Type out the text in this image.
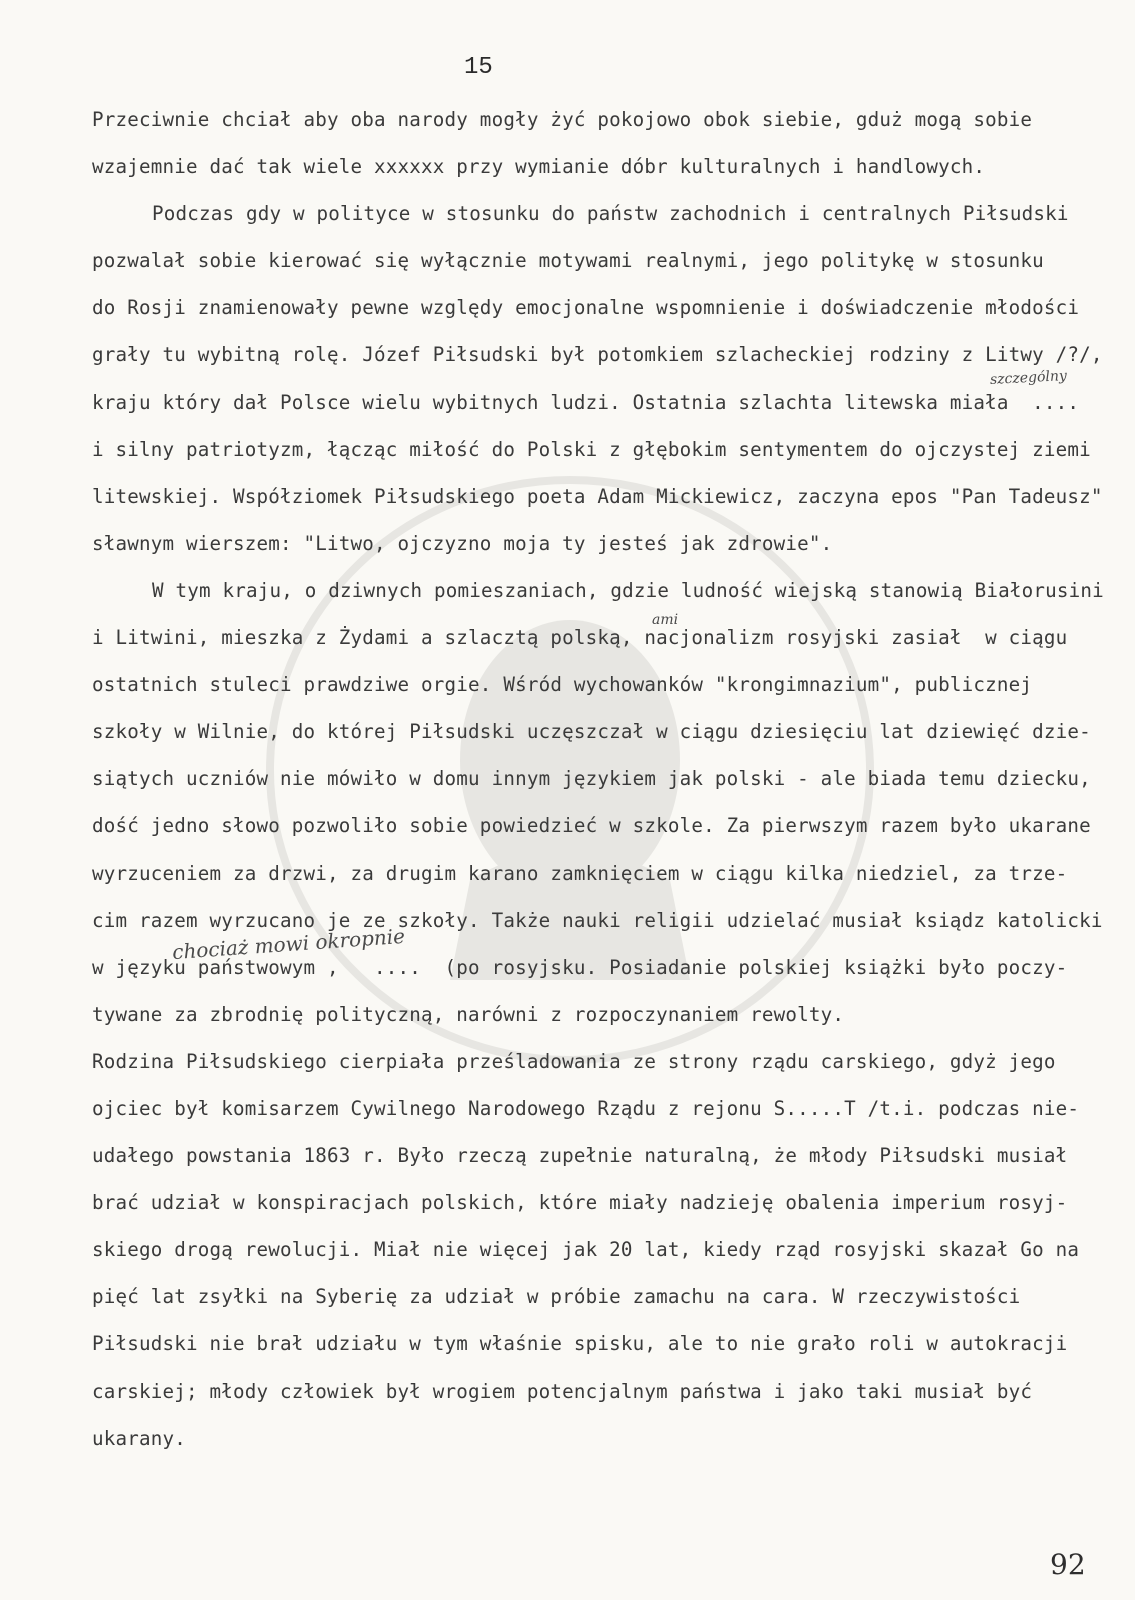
15
Przeciwnie chciał aby oba narody mogły żyć pokojowo obok siebie, gduż mogą sobie
wzajemnie dać tak wiele xxxxxx przy wymianie dóbr kulturalnych i handlowych.
Podczas gdy w polityce w stosunku do państw zachodnich i centralnych Piłsudski
pozwalał sobie kierować się wyłącznie motywami realnymi, jego politykę w stosunku
do Rosji znamienowały pewne względy emocjonalne wspomnienie i doświadczenie młodości
grały tu wybitną rolę. Józef Piłsudski był potomkiem szlacheckiej rodziny z Litwy /?/,
kraju który dał Polsce wielu wybitnych ludzi. Ostatnia szlachta litewska miała  ....
i silny patriotyzm, łącząc miłość do Polski z głębokim sentymentem do ojczystej ziemi
litewskiej. Współziomek Piłsudskiego poeta Adam Mickiewicz, zaczyna epos "Pan Tadeusz"
sławnym wierszem: "Litwo, ojczyzno moja ty jesteś jak zdrowie".
W tym kraju, o dziwnych pomieszaniach, gdzie ludność wiejską stanowią Białorusini
i Litwini, mieszka z Żydami a szlacztą polską, nacjonalizm rosyjski zasiał  w ciągu
ostatnich stuleci prawdziwe orgie. Wśród wychowanków "krongimnazium", publicznej
szkoły w Wilnie, do której Piłsudski uczęszczał w ciągu dziesięciu lat dziewięć dzie-
siątych uczniów nie mówiło w domu innym językiem jak polski - ale biada temu dziecku,
dość jedno słowo pozwoliło sobie powiedzieć w szkole. Za pierwszym razem było ukarane
wyrzuceniem za drzwi, za drugim karano zamknięciem w ciągu kilka niedziel, za trze-
cim razem wyrzucano je ze szkoły. Także nauki religii udzielać musiał ksiądz katolicki
w języku państwowym ,   ....  (po rosyjsku. Posiadanie polskiej książki było poczy-
tywane za zbrodnię polityczną, narówni z rozpoczynaniem rewolty.
Rodzina Piłsudskiego cierpiała prześladowania ze strony rządu carskiego, gdyż jego
ojciec był komisarzem Cywilnego Narodowego Rządu z rejonu S.....T /t.i. podczas nie-
udałego powstania 1863 r. Było rzeczą zupełnie naturalną, że młody Piłsudski musiał
brać udział w konspiracjach polskich, które miały nadzieję obalenia imperium rosyj-
skiego drogą rewolucji. Miał nie więcej jak 20 lat, kiedy rząd rosyjski skazał Go na
pięć lat zsyłki na Syberię za udział w próbie zamachu na cara. W rzeczywistości
Piłsudski nie brał udziału w tym właśnie spisku, ale to nie grało roli w autokracji
carskiej; młody człowiek był wrogiem potencjalnym państwa i jako taki musiał być
ukarany.
szczególny
ami
chociaż mowi okropnie
92
